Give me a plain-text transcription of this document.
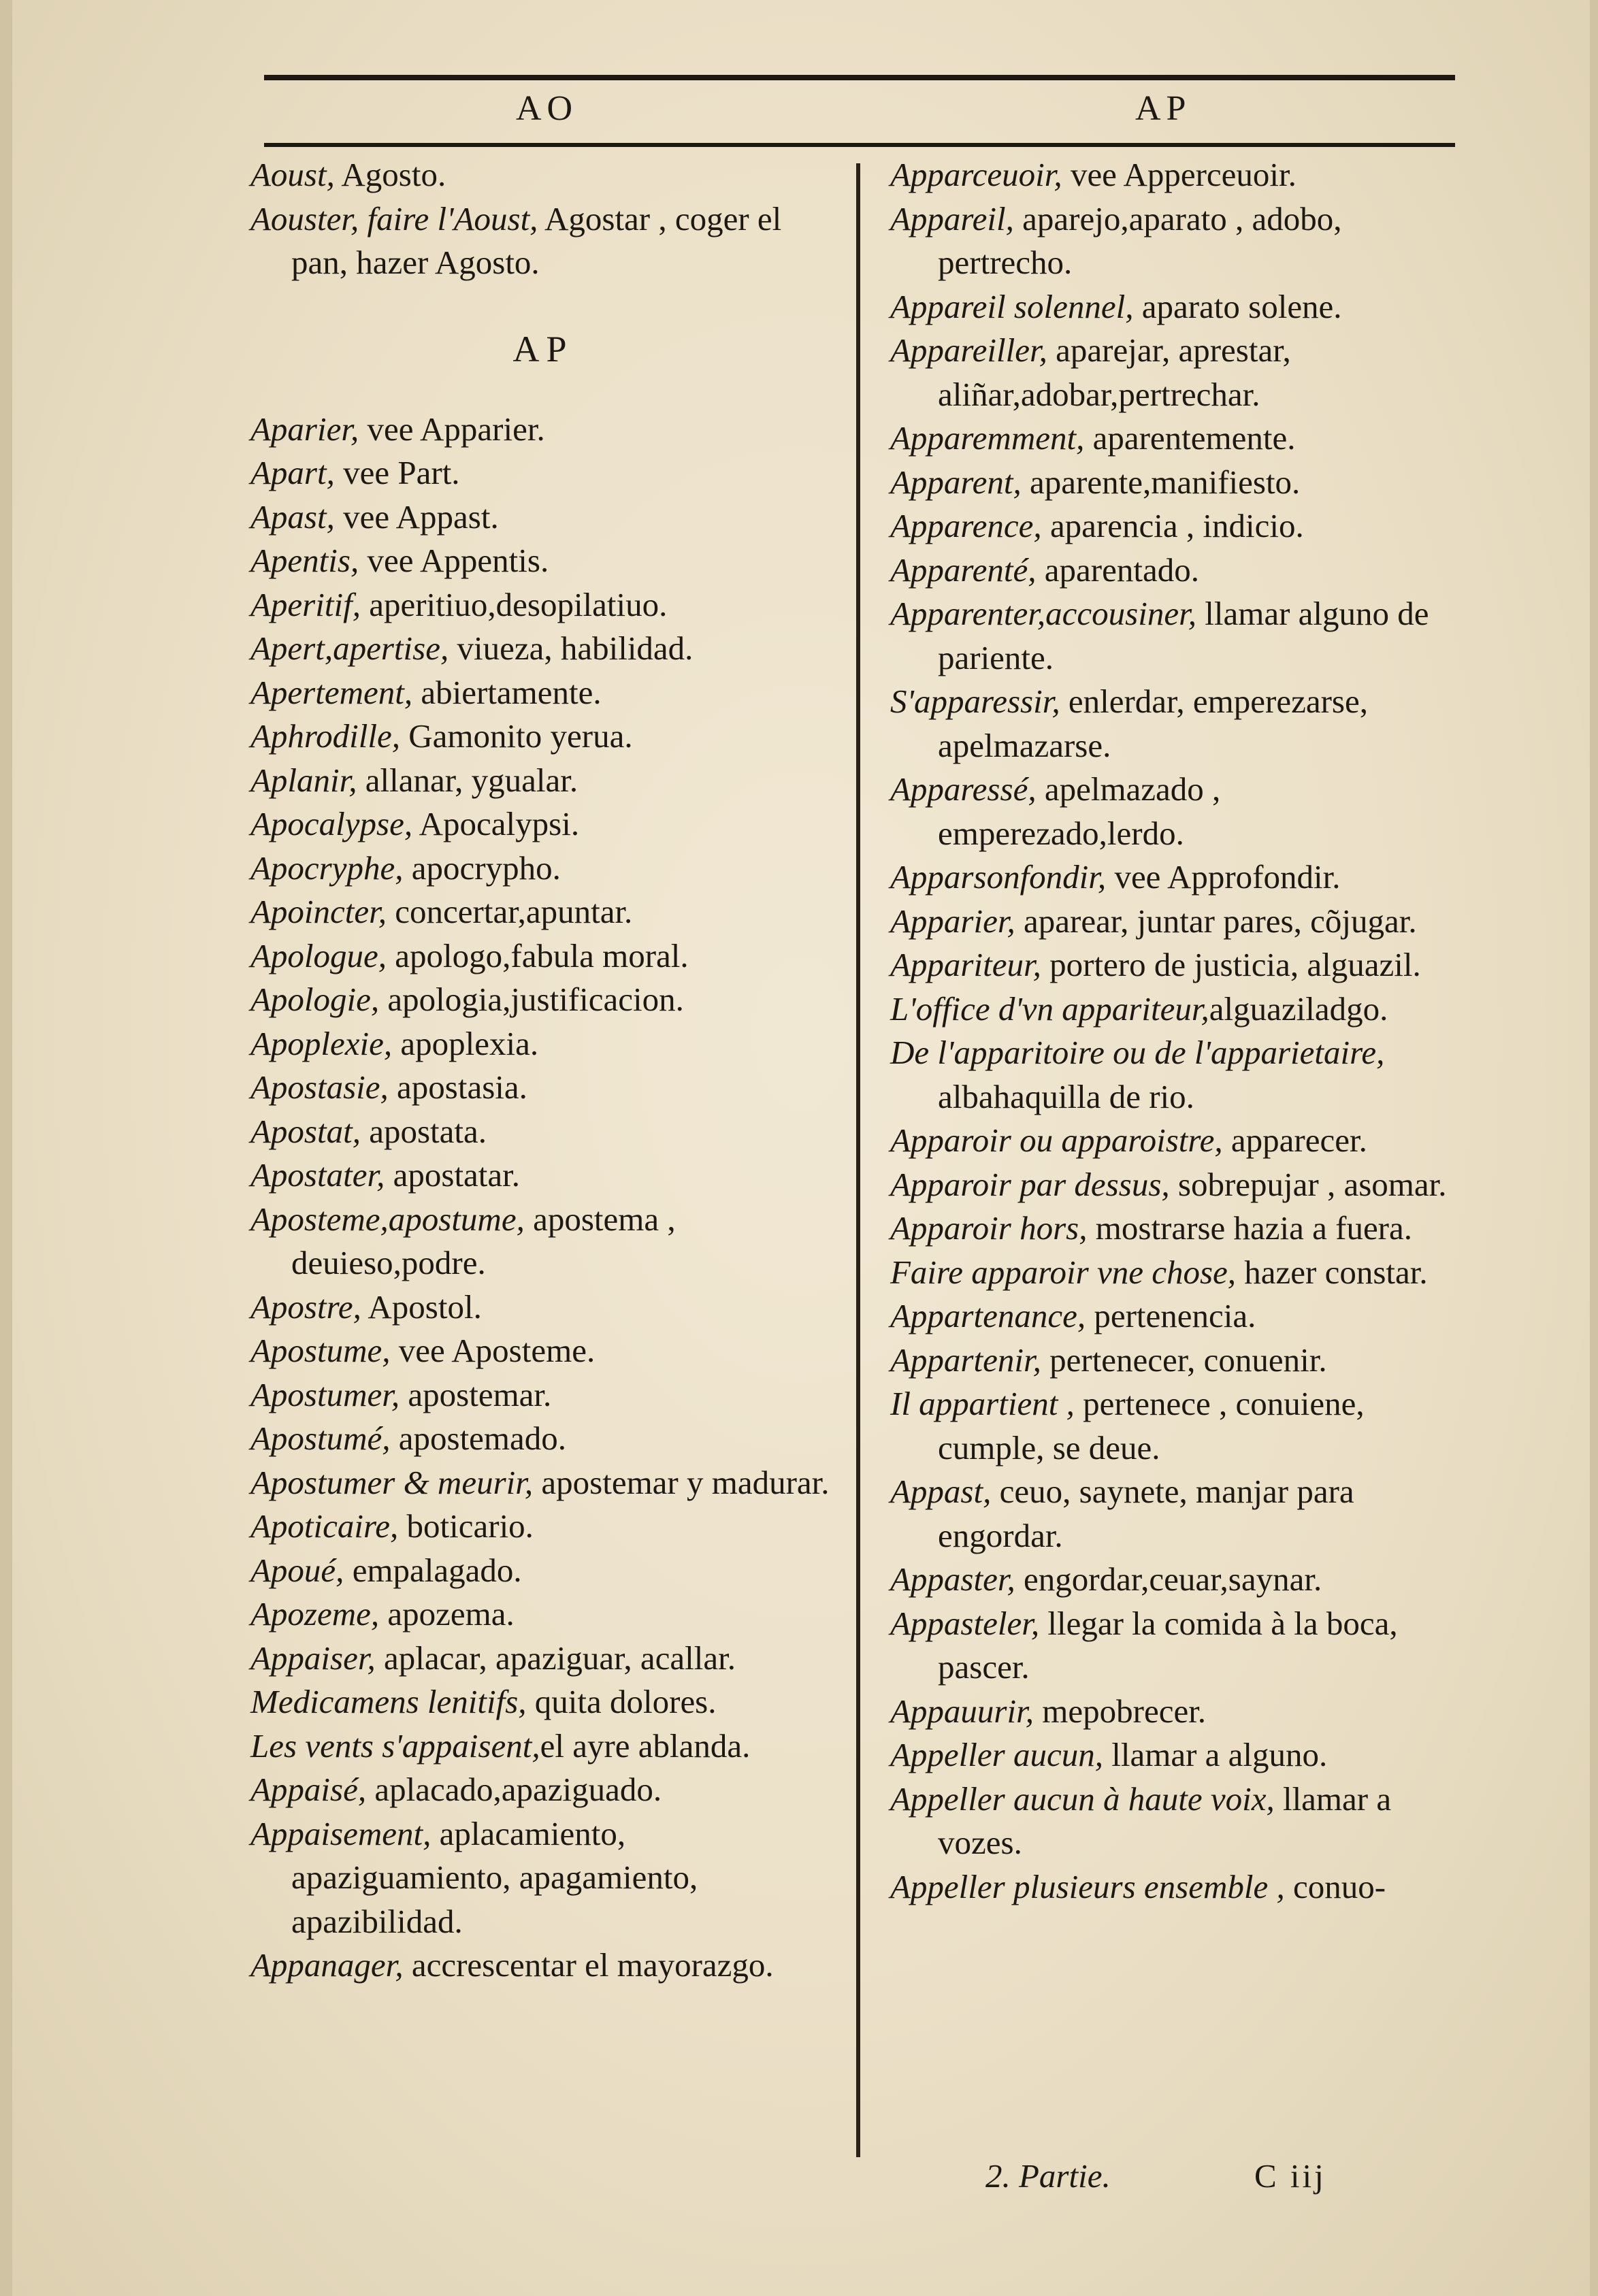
AO	AP

Aoust, Agosto.

Aouster, faire l'Aoust, Agostar , coger el pan, hazer Agosto.

AP

Aparier, vee Apparier.

Apart, vee Part.

Apast, vee Appast.

Apentis, vee Appentis.

Aperitif, aperitiuo,desopilatiuo.

Apert,apertise, viueza, habilidad.

Apertement, abiertamente.

Aphrodille, Gamonito yerua.

Aplanir, allanar, ygualar.

Apocalypse, Apocalypsi.

Apocryphe, apocrypho.

Apoincter, concertar,apuntar.

Apologue, apologo,fabula moral.

Apologie, apologia,justificacion.

Apoplexie, apoplexia.

Apostasie, apostasia.

Apostat, apostata.

Apostater, apostatar.

Aposteme,apostume, apostema , deuieso,podre.

Apostre, Apostol.

Apostume, vee Aposteme.

Apostumer, apostemar.

Apostumé, apostemado.

Apostumer & meurir, apostemar y madurar.

Apoticaire, boticario.

Apoué, empalagado.

Apozeme, apozema.

Appaiser, aplacar, apaziguar, acallar.

Medicamens lenitifs, quita dolores.

Les vents s'appaisent,el ayre ablanda.

Appaisé, aplacado,apaziguado.

Appaisement, aplacamiento, apaziguamiento, apagamiento, apazibilidad.

Appanager, accrescentar el mayorazgo.

Apparceuoir, vee Apperceuoir.

Appareil, aparejo,aparato , adobo, pertrecho.

Appareil solennel, aparato solene.

Appareiller, aparejar, aprestar, aliñar,adobar,pertrechar.

Apparemment, aparentemente.

Apparent, aparente,manifiesto.

Apparence, aparencia , indicio.

Apparenté, aparentado.

Apparenter,accousiner, llamar alguno de pariente.

S'apparessir, enlerdar, emperezarse, apelmazarse.

Apparessé, apelmazado , emperezado,lerdo.

Apparsonfondir, vee Approfondir.

Apparier, aparear, juntar pares, cõjugar.

Appariteur, portero de justicia, alguazil.

L'office d'vn appariteur,alguaziladgo.

De l'apparitoire ou de l'apparietaire, albahaquilla de rio.

Apparoir ou apparoistre, apparecer.

Apparoir par dessus, sobrepujar , asomar.

Apparoir hors, mostrarse hazia a fuera.

Faire apparoir vne chose, hazer constar.

Appartenance, pertenencia.

Appartenir, pertenecer, conuenir.

Il appartient , pertenece , conuiene, cumple, se deue.

Appast, ceuo, saynete, manjar para engordar.

Appaster, engordar,ceuar,saynar.

Appasteler, llegar la comida à la boca, pascer.

Appauurir, mepobrecer.

Appeller aucun, llamar a alguno.

Appeller aucun à haute voix, llamar a vozes.

Appeller plusieurs ensemble , conuo-

2. Partie.	C iij
